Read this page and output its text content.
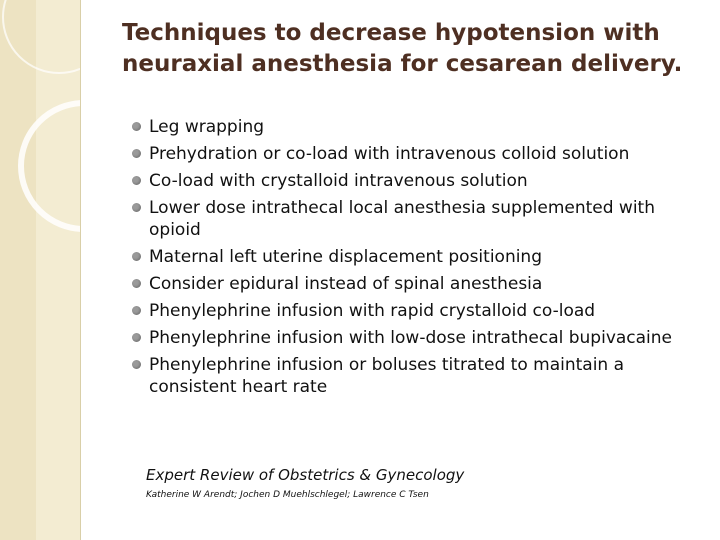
Techniques to decrease hypotension with
neuraxial anesthesia for cesarean delivery.
Leg wrapping
Prehydration or co-load with intravenous colloid solution
Co-load with crystalloid intravenous solution
Lower dose intrathecal local anesthesia supplemented with opioid
Maternal left uterine displacement positioning
Consider epidural instead of spinal anesthesia
Phenylephrine infusion with rapid crystalloid co-load
Phenylephrine infusion with low-dose intrathecal bupivacaine
Phenylephrine infusion or boluses titrated to maintain a consistent heart rate
Expert Review of Obstetrics & Gynecology
Katherine W Arendt; Jochen D Muehlschlegel; Lawrence C Tsen
